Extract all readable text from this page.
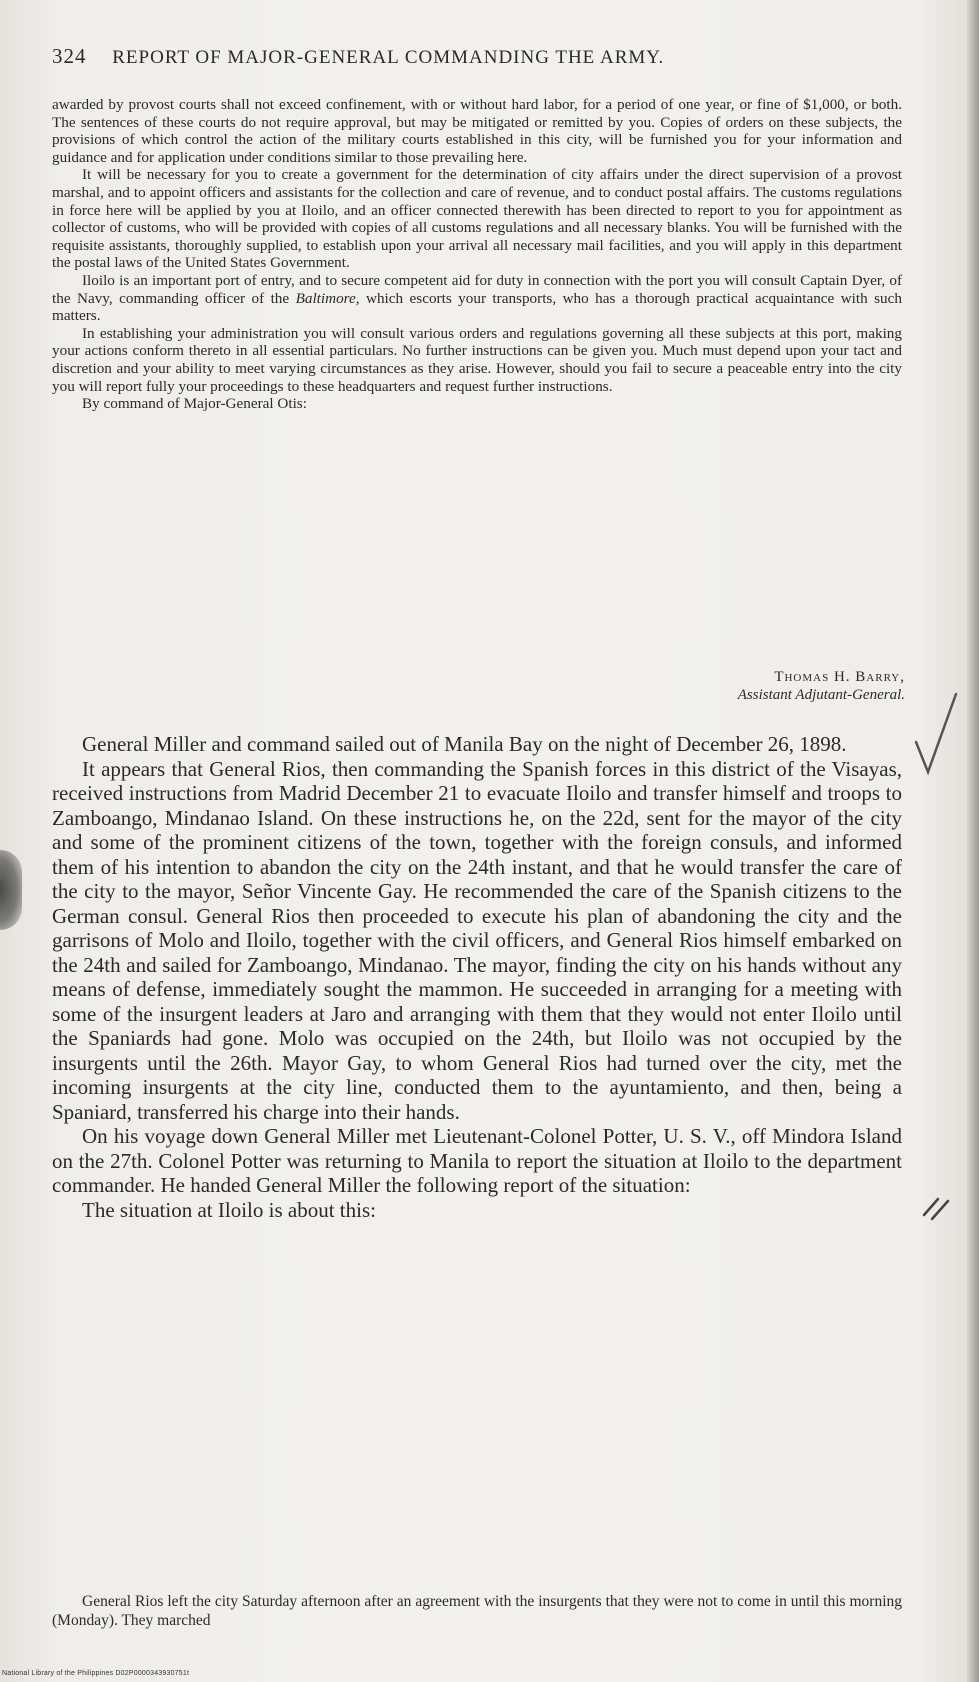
324 REPORT OF MAJOR-GENERAL COMMANDING THE ARMY.

awarded by provost courts shall not exceed confinement, with or without hard labor, for a period of one year, or fine of $1,000, or both. The sentences of these courts do not require approval, but may be mitigated or remitted by you. Copies of orders on these subjects, the provisions of which control the action of the military courts established in this city, will be furnished you for your information and guidance and for application under conditions similar to those prevailing here.

It will be necessary for you to create a government for the determination of city affairs under the direct supervision of a provost marshal, and to appoint officers and assistants for the collection and care of revenue, and to conduct postal affairs. The customs regulations in force here will be applied by you at Iloilo, and an officer connected therewith has been directed to report to you for appointment as collector of customs, who will be provided with copies of all customs regulations and all necessary blanks. You will be furnished with the requisite assistants, thoroughly supplied, to establish upon your arrival all necessary mail facilities, and you will apply in this department the postal laws of the United States Government.

Iloilo is an important port of entry, and to secure competent aid for duty in connection with the port you will consult Captain Dyer, of the Navy, commanding officer of the Baltimore, which escorts your transports, who has a thorough practical acquaintance with such matters.

In establishing your administration you will consult various orders and regulations governing all these subjects at this port, making your actions conform thereto in all essential particulars. No further instructions can be given you. Much must depend upon your tact and discretion and your ability to meet varying circumstances as they arise. However, should you fail to secure a peaceable entry into the city you will report fully your proceedings to these headquarters and request further instructions.

By command of Major-General Otis:

Thomas H. Barry,
Assistant Adjutant-General.

General Miller and command sailed out of Manila Bay on the night of December 26, 1898.

It appears that General Rios, then commanding the Spanish forces in this district of the Visayas, received instructions from Madrid December 21 to evacuate Iloilo and transfer himself and troops to Zamboango, Mindanao Island. On these instructions he, on the 22d, sent for the mayor of the city and some of the prominent citizens of the town, together with the foreign consuls, and informed them of his intention to abandon the city on the 24th instant, and that he would transfer the care of the city to the mayor, Señor Vincente Gay. He recommended the care of the Spanish citizens to the German consul. General Rios then proceeded to execute his plan of abandoning the city and the garrisons of Molo and Iloilo, together with the civil officers, and General Rios himself embarked on the 24th and sailed for Zamboango, Mindanao. The mayor, finding the city on his hands without any means of defense, immediately sought the mammon. He succeeded in arranging for a meeting with some of the insurgent leaders at Jaro and arranging with them that they would not enter Iloilo until the Spaniards had gone. Molo was occupied on the 24th, but Iloilo was not occupied by the insurgents until the 26th. Mayor Gay, to whom General Rios had turned over the city, met the incoming insurgents at the city line, conducted them to the ayuntamiento, and then, being a Spaniard, transferred his charge into their hands.

On his voyage down General Miller met Lieutenant-Colonel Potter, U. S. V., off Mindora Island on the 27th. Colonel Potter was returning to Manila to report the situation at Iloilo to the department commander. He handed General Miller the following report of the situation:

The situation at Iloilo is about this:

General Rios left the city Saturday afternoon after an agreement with the insurgents that they were not to come in until this morning (Monday). They marched

National Library of the Philippines D02P0000343930751t
